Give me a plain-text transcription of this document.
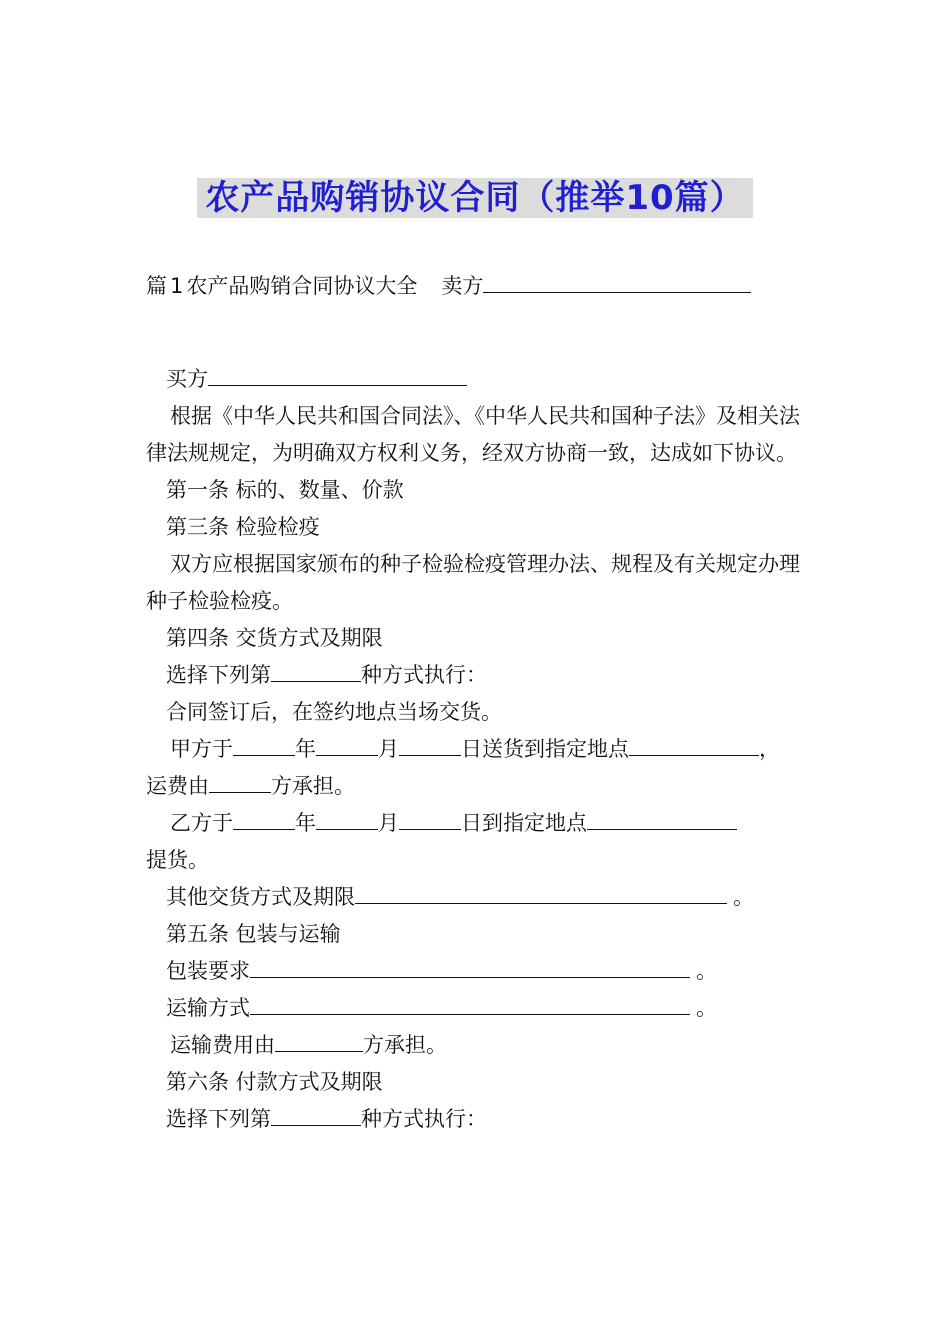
农产品购销协议合同（推举10篇）
篇 1 农产品购销合同协议大全 卖方
买方
根据《中华人民共和国合同法》、《中华人民共和国种子法》及相关法律法规规定，为明确双方权利义务，经双方协商一致，达成如下协议。
第一条 标的、数量、价款
第三条 检验检疫
双方应根据国家颁布的种子检验检疫管理办法、规程及有关规定办理种子检验检疫。
第四条 交货方式及期限
选择下列第	种方式执行：
合同签订后，在签约地点当场交货。
甲方于	年	月	日送货到指定地点	，
运费由	方承担。
乙方于	年	月	日到指定地点
提货。
其他交货方式及期限	。
第五条 包装与运输
包装要求	。
运输方式	。
运输费用由	方承担。
第六条 付款方式及期限
选择下列第	种方式执行：
